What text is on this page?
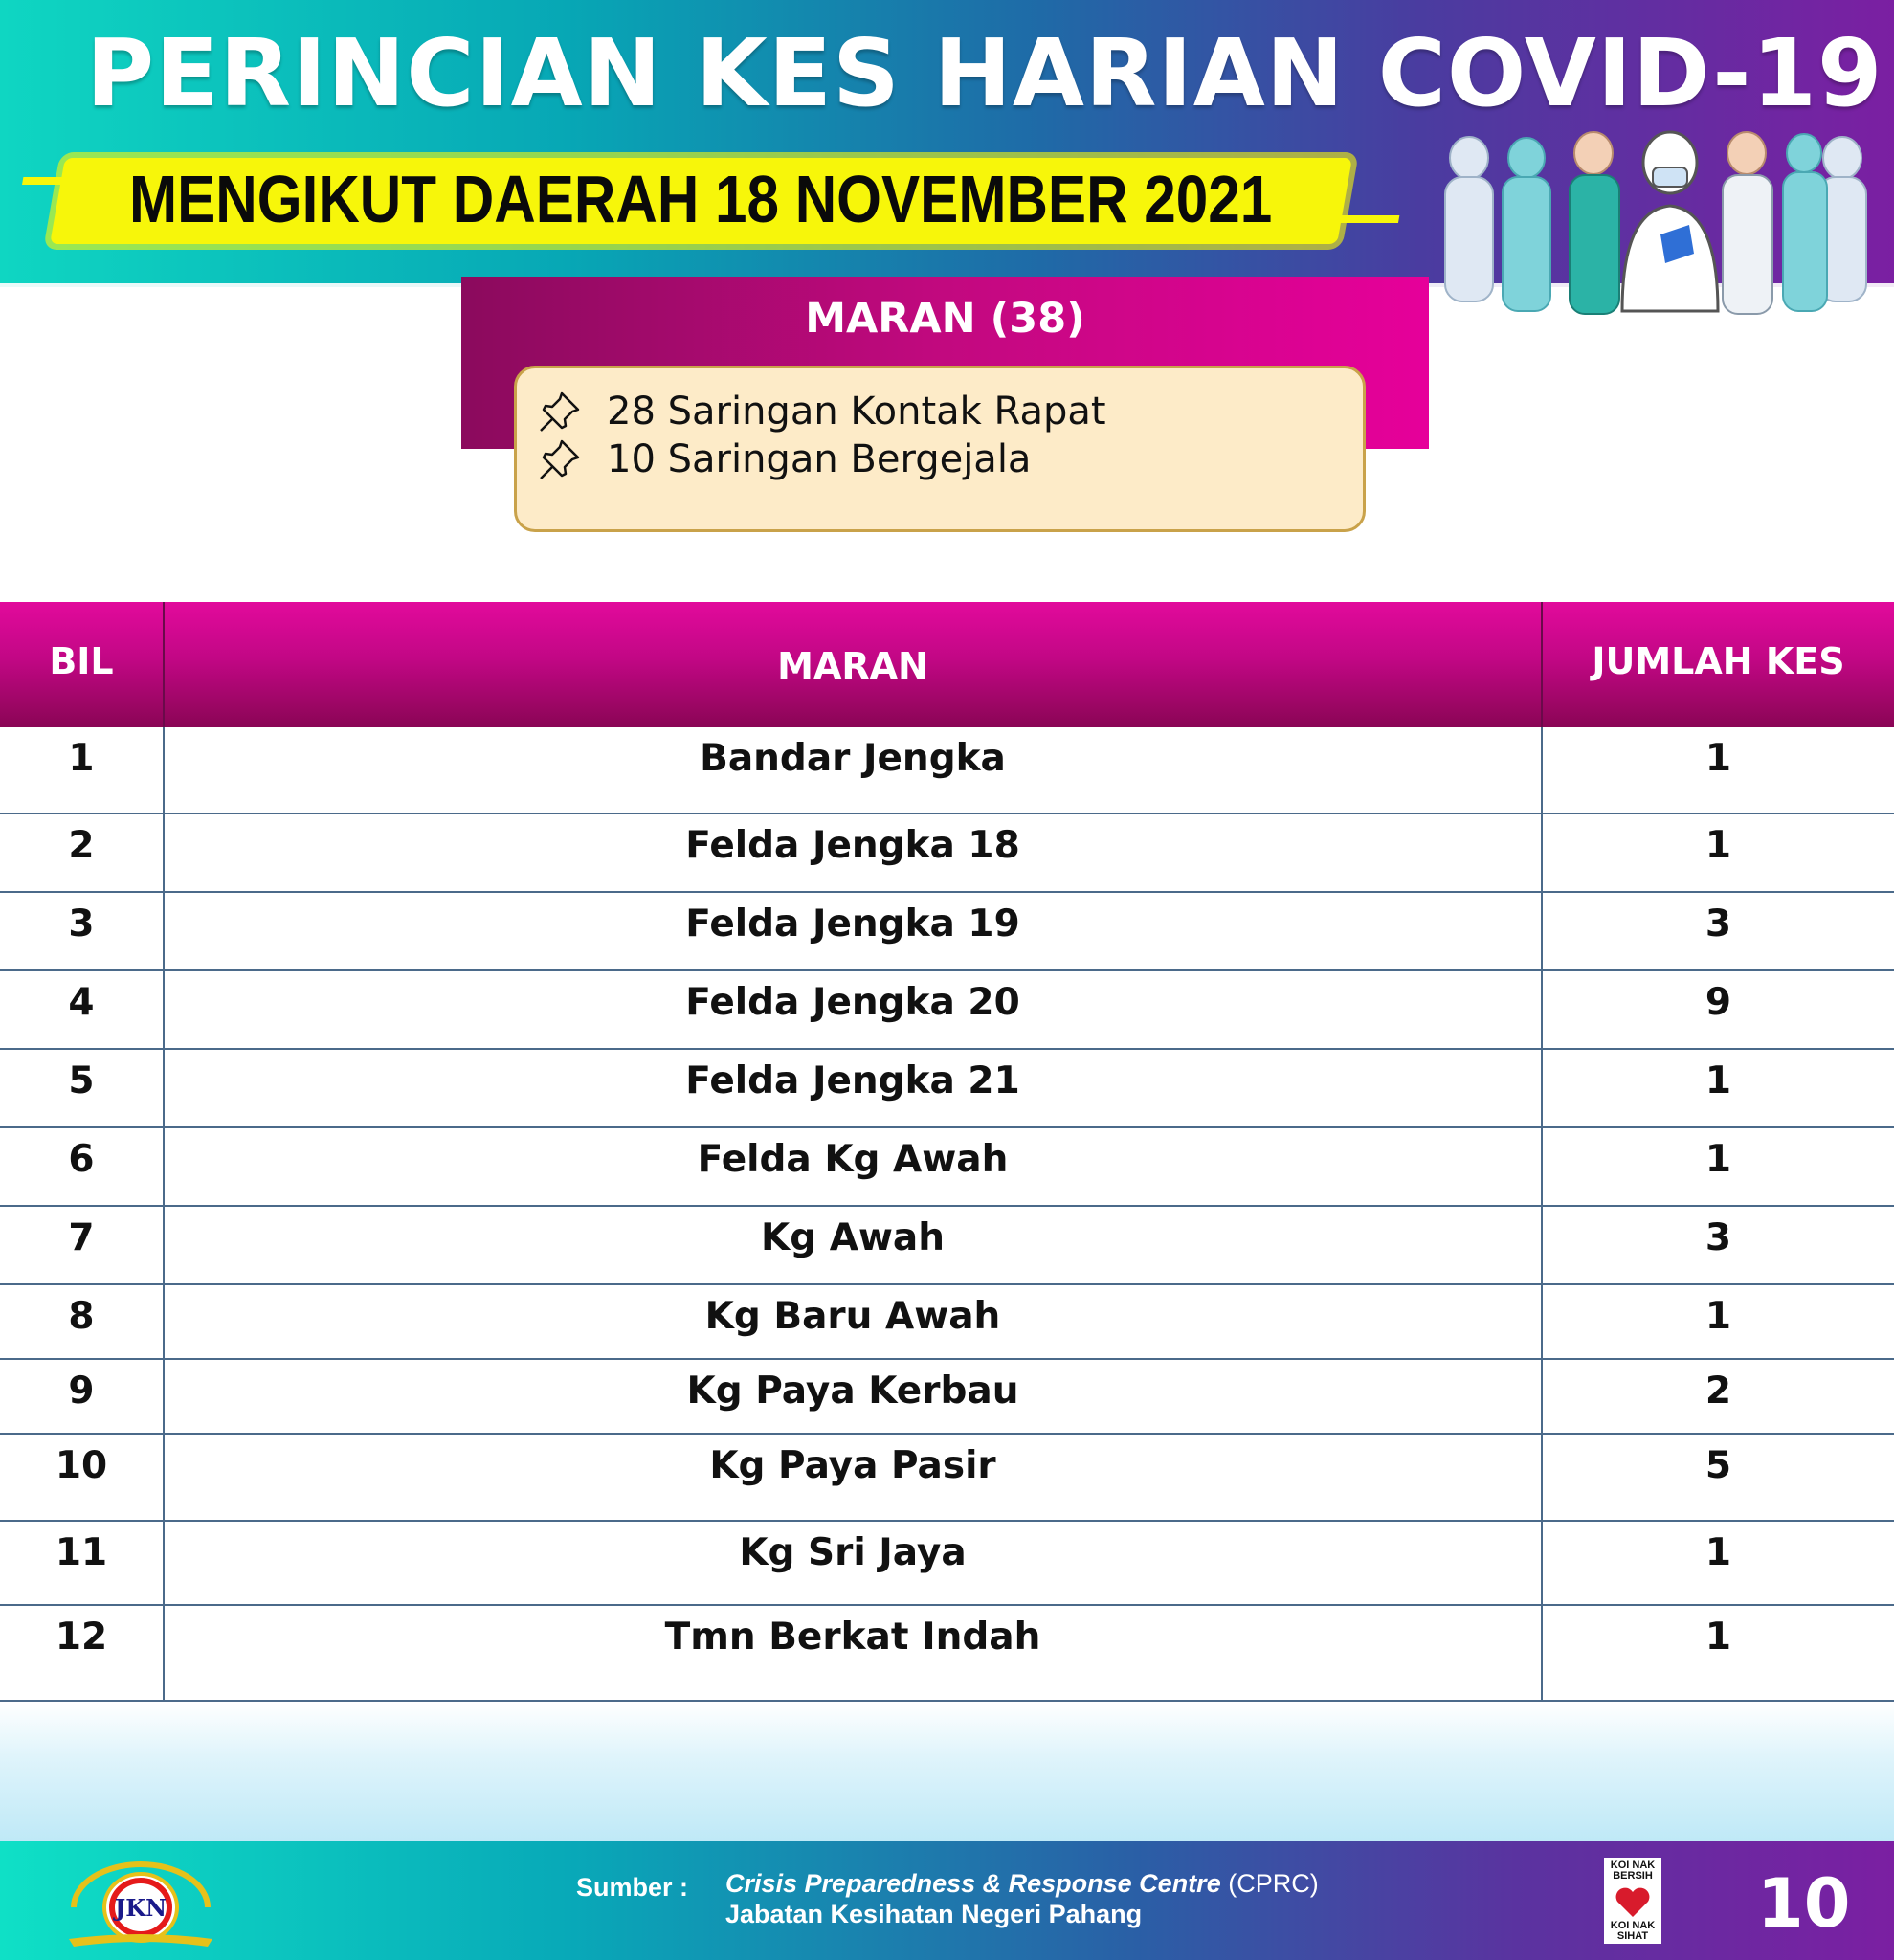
PERINCIAN KES HARIAN COVID-19
MENGIKUT DAERAH 18 NOVEMBER 2021
MARAN (38)
28 Saringan Kontak Rapat
10 Saringan Bergejala
BIL	MARAN	JUMLAH KES
1	Bandar Jengka	1
2	Felda Jengka 18	1
3	Felda Jengka 19	3
4	Felda Jengka 20	9
5	Felda Jengka 21	1
6	Felda Kg Awah	1
7	Kg Awah	3
8	Kg Baru Awah	1
9	Kg Paya Kerbau	2
10	Kg Paya Pasir	5
11	Kg Sri Jaya	1
12	Tmn Berkat Indah	1
JKN
Sumber : Crisis Preparedness & Response Centre (CPRC)
Jabatan Kesihatan Negeri Pahang
KOI NAK BERSIH
KOI NAK SIHAT 10
